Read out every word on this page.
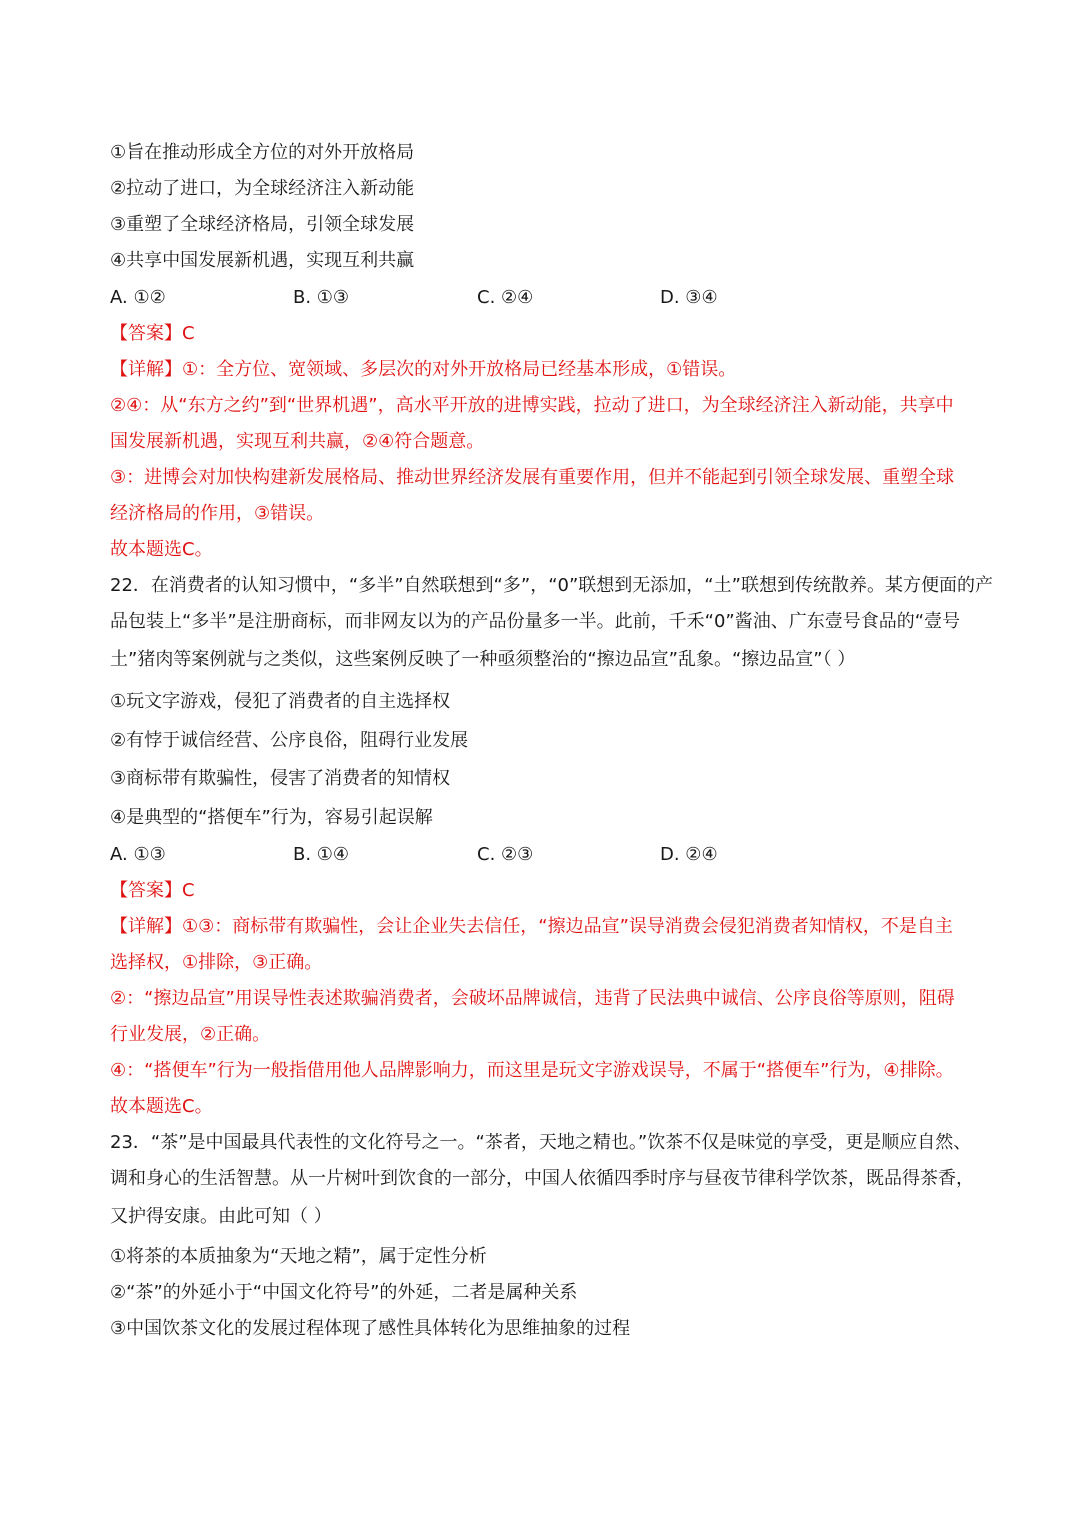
①旨在推动形成全方位的对外开放格局
②拉动了进口，为全球经济注入新动能
③重塑了全球经济格局，引领全球发展
④共享中国发展新机遇，实现互利共赢
A. ①②	B. ①③	C. ②④	D. ③④
【答案】C
【详解】①：全方位、宽领域、多层次的对外开放格局已经基本形成，①错误。
②④：从“东方之约”到“世界机遇”，高水平开放的进博实践，拉动了进口，为全球经济注入新动能，共享中
国发展新机遇，实现互利共赢，②④符合题意。
③：进博会对加快构建新发展格局、推动世界经济发展有重要作用，但并不能起到引领全球发展、重塑全球
经济格局的作用，③错误。
故本题选C。
22．在消费者的认知习惯中，“多半”自然联想到“多”，“0”联想到无添加，“土”联想到传统散养。某方便面的产
品包装上“多半”是注册商标，而非网友以为的产品份量多一半。此前，千禾“0”酱油、广东壹号食品的“壹号
土”猪肉等案例就与之类似，这些案例反映了一种亟须整治的“擦边品宣”乱象。“擦边品宣”（ ）
①玩文字游戏，侵犯了消费者的自主选择权
②有悖于诚信经营、公序良俗，阻碍行业发展
③商标带有欺骗性，侵害了消费者的知情权
④是典型的“搭便车”行为，容易引起误解
A. ①③	B. ①④	C. ②③	D. ②④
【答案】C
【详解】①③：商标带有欺骗性，会让企业失去信任，“擦边品宣”误导消费会侵犯消费者知情权，不是自主
选择权，①排除，③正确。
②：“擦边品宣”用误导性表述欺骗消费者，会破坏品牌诚信，违背了民法典中诚信、公序良俗等原则，阻碍
行业发展，②正确。
④：“搭便车”行为一般指借用他人品牌影响力，而这里是玩文字游戏误导，不属于“搭便车”行为，④排除。
故本题选C。
23．“茶”是中国最具代表性的文化符号之一。“茶者，天地之精也。”饮茶不仅是味觉的享受，更是顺应自然、
调和身心的生活智慧。从一片树叶到饮食的一部分，中国人依循四季时序与昼夜节律科学饮茶，既品得茶香，
又护得安康。由此可知（ ）
①将茶的本质抽象为“天地之精”，属于定性分析
②“茶”的外延小于“中国文化符号”的外延，二者是属种关系
③中国饮茶文化的发展过程体现了感性具体转化为思维抽象的过程
